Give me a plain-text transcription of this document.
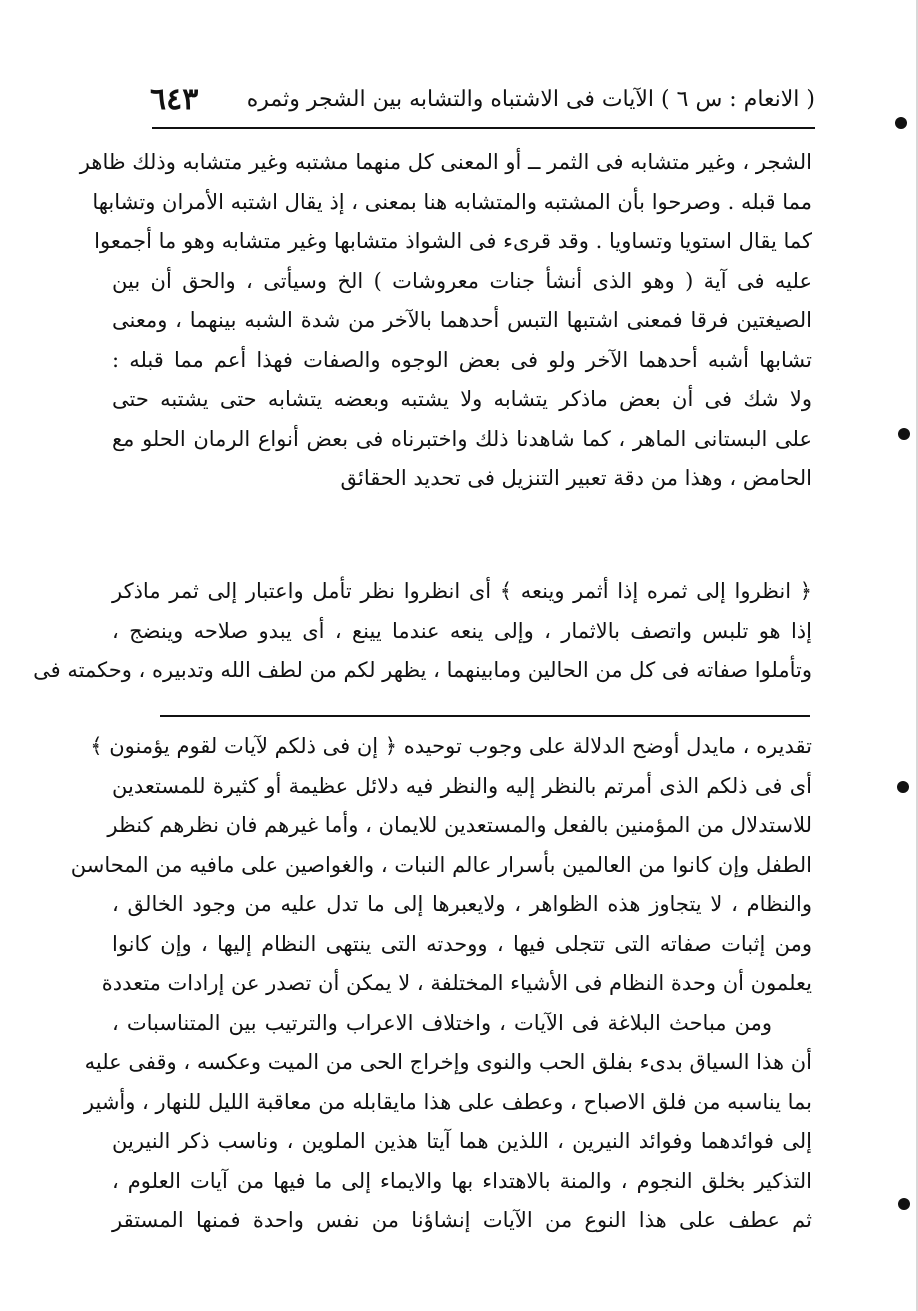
( الانعام : س ٦ ) الآيات فى الاشتباه والتشابه بين الشجر وثمره
٦٤٣
الشجر ، وغير متشابه فى الثمر ــ أو المعنى كل منهما مشتبه وغير متشابه وذلك ظاهر
مما قبله . وصرحوا بأن المشتبه والمتشابه هنا بمعنى ، إذ يقال اشتبه الأمران وتشابها
كما يقال استويا وتساويا . وقد قرىء فى الشواذ متشابها وغير متشابه وهو ما أجمعوا
عليه فى آية ( وهو الذى أنشأ جنات معروشات ) الخ وسيأتى ، والحق أن بين
الصيغتين فرقا فمعنى اشتبها التبس أحدهما بالآخر من شدة الشبه بينهما ، ومعنى
تشابها أشبه أحدهما الآخر ولو فى بعض الوجوه والصفات فهذا أعم مما قبله :
ولا شك فى أن بعض ماذكر يتشابه ولا يشتبه وبعضه يتشابه حتى يشتبه حتى
على البستانى الماهر ، كما شاهدنا ذلك واختبرناه فى بعض أنواع الرمان الحلو مع
الحامض ، وهذا من دقة تعبير التنزيل فى تحديد الحقائق
﴿ انظروا إلى ثمره إذا أثمر وينعه ﴾ أى انظروا نظر تأمل واعتبار إلى ثمر ماذكر
إذا هو تلبس واتصف بالاثمار ، وإلى ينعه عندما يينع ، أى يبدو صلاحه وينضج ،
وتأملوا صفاته فى كل من الحالين ومابينهما ، يظهر لكم من لطف الله وتدبيره ، وحكمته فى
تقديره ، مايدل أوضح الدلالة على وجوب توحيده ﴿ إن فى ذلكم لآيات لقوم يؤمنون ﴾
أى فى ذلكم الذى أمرتم بالنظر إليه والنظر فيه دلائل عظيمة أو كثيرة للمستعدين
للاستدلال من المؤمنين بالفعل والمستعدين للايمان ، وأما غيرهم فان نظرهم كنظر
الطفل وإن كانوا من العالمين بأسرار عالم النبات ، والغواصين على مافيه من المحاسن
والنظام ، لا يتجاوز هذه الظواهر ، ولايعبرها إلى ما تدل عليه من وجود الخالق ،
ومن إثبات صفاته التى تتجلى فيها ، ووحدته التى ينتهى النظام إليها ، وإن كانوا
يعلمون أن وحدة النظام فى الأشياء المختلفة ، لا يمكن أن تصدر عن إرادات متعددة
ومن مباحث البلاغة فى الآيات ، واختلاف الاعراب والترتيب بين المتناسبات ،
أن هذا السياق بدىء بفلق الحب والنوى وإخراج الحى من الميت وعكسه ، وقفى عليه
بما يناسبه من فلق الاصباح ، وعطف على هذا مايقابله من معاقبة الليل للنهار ، وأشير
إلى فوائدهما وفوائد النيرين ، اللذين هما آيتا هذين الملوين ، وناسب ذكر النيرين
التذكير بخلق النجوم ، والمنة بالاهتداء بها والايماء إلى ما فيها من آيات العلوم ،
ثم عطف على هذا النوع من الآيات إنشاؤنا من نفس واحدة فمنها المستقر
